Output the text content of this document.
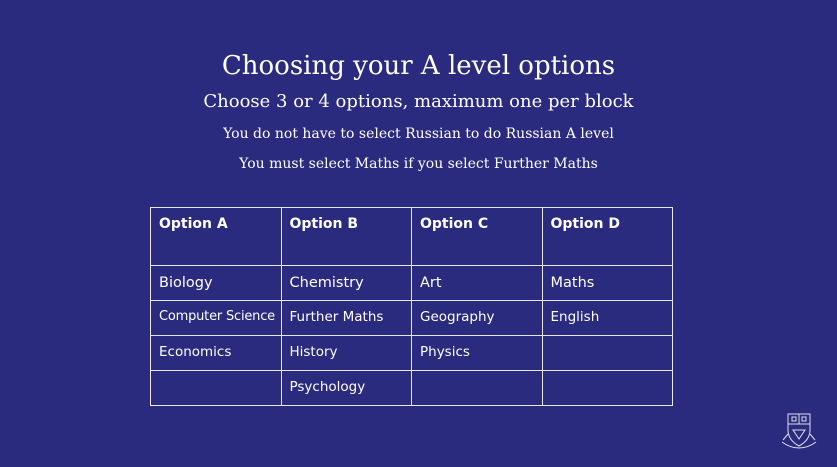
Choosing your A level options
Choose 3 or 4 options, maximum one per block
You do not have to select Russian to do Russian A level
You must select Maths if you select Further Maths
Option A	Option B	Option C	Option D
Biology	Chemistry	Art	Maths
Computer Science	Further Maths	Geography	English
Economics	History	Physics	
	Psychology		
